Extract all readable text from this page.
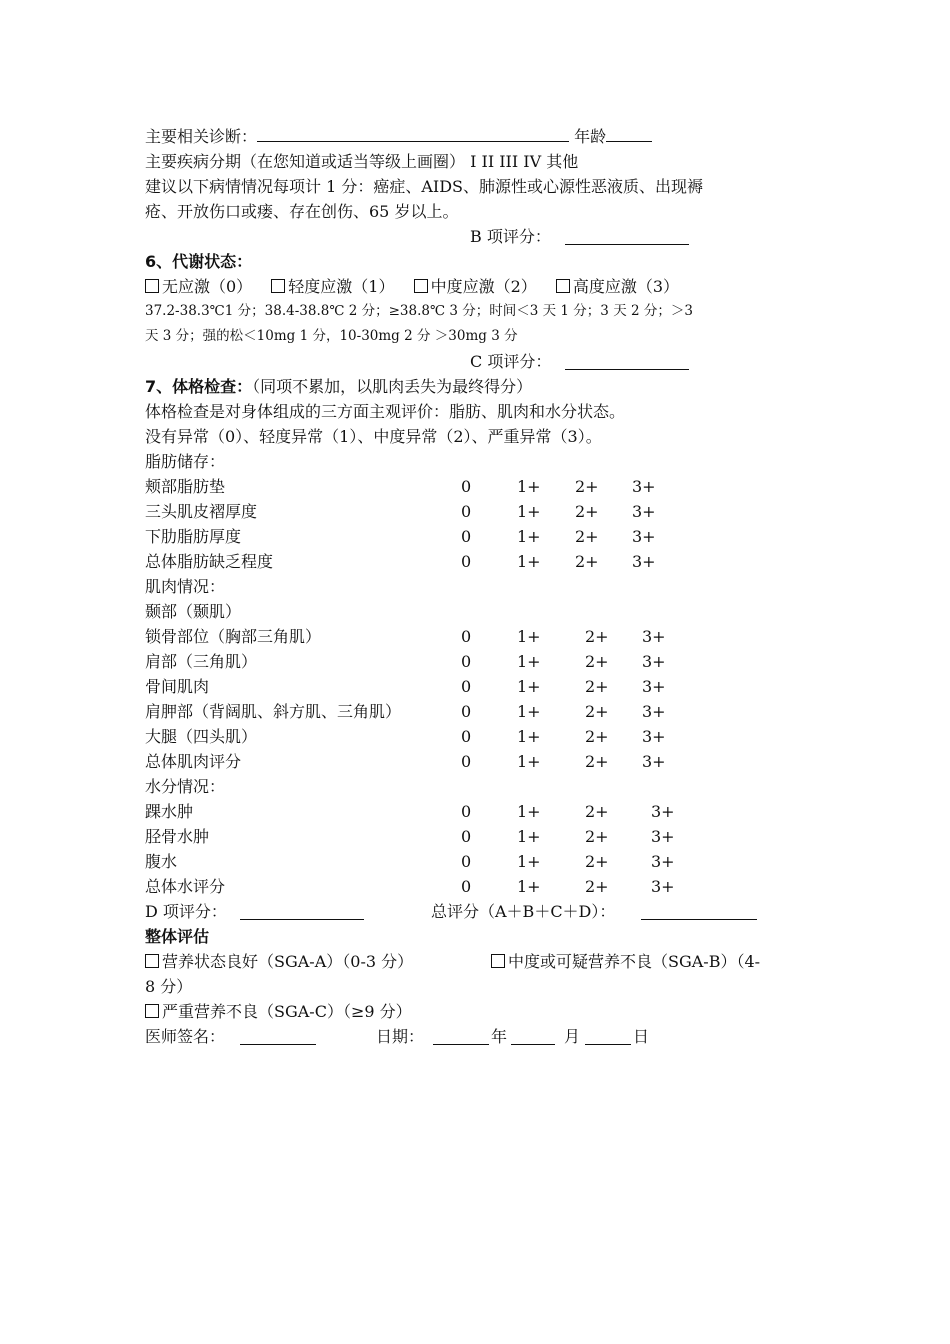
主要相关诊断：	年龄
主要疾病分期（在您知道或适当等级上画圈） I II III IV 其他
建议以下病情情况每项计 1 分：癌症、AIDS、肺源性或心源性恶液质、出现褥
疮、开放伤口或瘘、存在创伤、65 岁以上。
B 项评分：
6、代谢状态：
无应激（0） 轻度应激（1） 中度应激（2） 高度应激（3）
37.2-38.3℃1 分；38.4-38.8℃ 2 分；≥38.8℃ 3 分；时间＜3 天 1 分；3 天 2 分；＞3
天 3 分；强的松＜10mg 1 分，10-30mg 2 分 ＞30mg 3 分
C 项评分：
7、体格检查：（同项不累加，以肌肉丢失为最终得分）
体格检查是对身体组成的三方面主观评价：脂肪、肌肉和水分状态。
没有异常（0）、轻度异常（1）、中度异常（2）、严重异常（3）。
脂肪储存：
颊部脂肪垫	0	1+ 2+ 3+
三头肌皮褶厚度	0	1+ 2+ 3+
下肋脂肪厚度	0	1+ 2+ 3+
总体脂肪缺乏程度	0	1+ 2+ 3+
肌肉情况：
颞部（颞肌）
锁骨部位（胸部三角肌）	0	1+	2+ 3+
肩部（三角肌）	0	1+	2+ 3+
骨间肌肉	0	1+	2+ 3+
肩胛部（背阔肌、斜方肌、三角肌）	0	1+	2+ 3+
大腿（四头肌）	0	1+	2+ 3+
总体肌肉评分	0	1+	2+ 3+
水分情况：
踝水肿	0	1+	2+	3+
胫骨水肿	0	1+	2+	3+
腹水	0	1+	2+	3+
总体水评分	0	1+	2+	3+
D 项评分：	总评分（A＋B＋C＋D）：
整体评估
营养状态良好（SGA-A）（0-3 分）	中度或可疑营养不良（SGA-B）（4-
8 分）
严重营养不良（SGA-C）（≥9 分）
医师签名：	日期：	年	月	日
